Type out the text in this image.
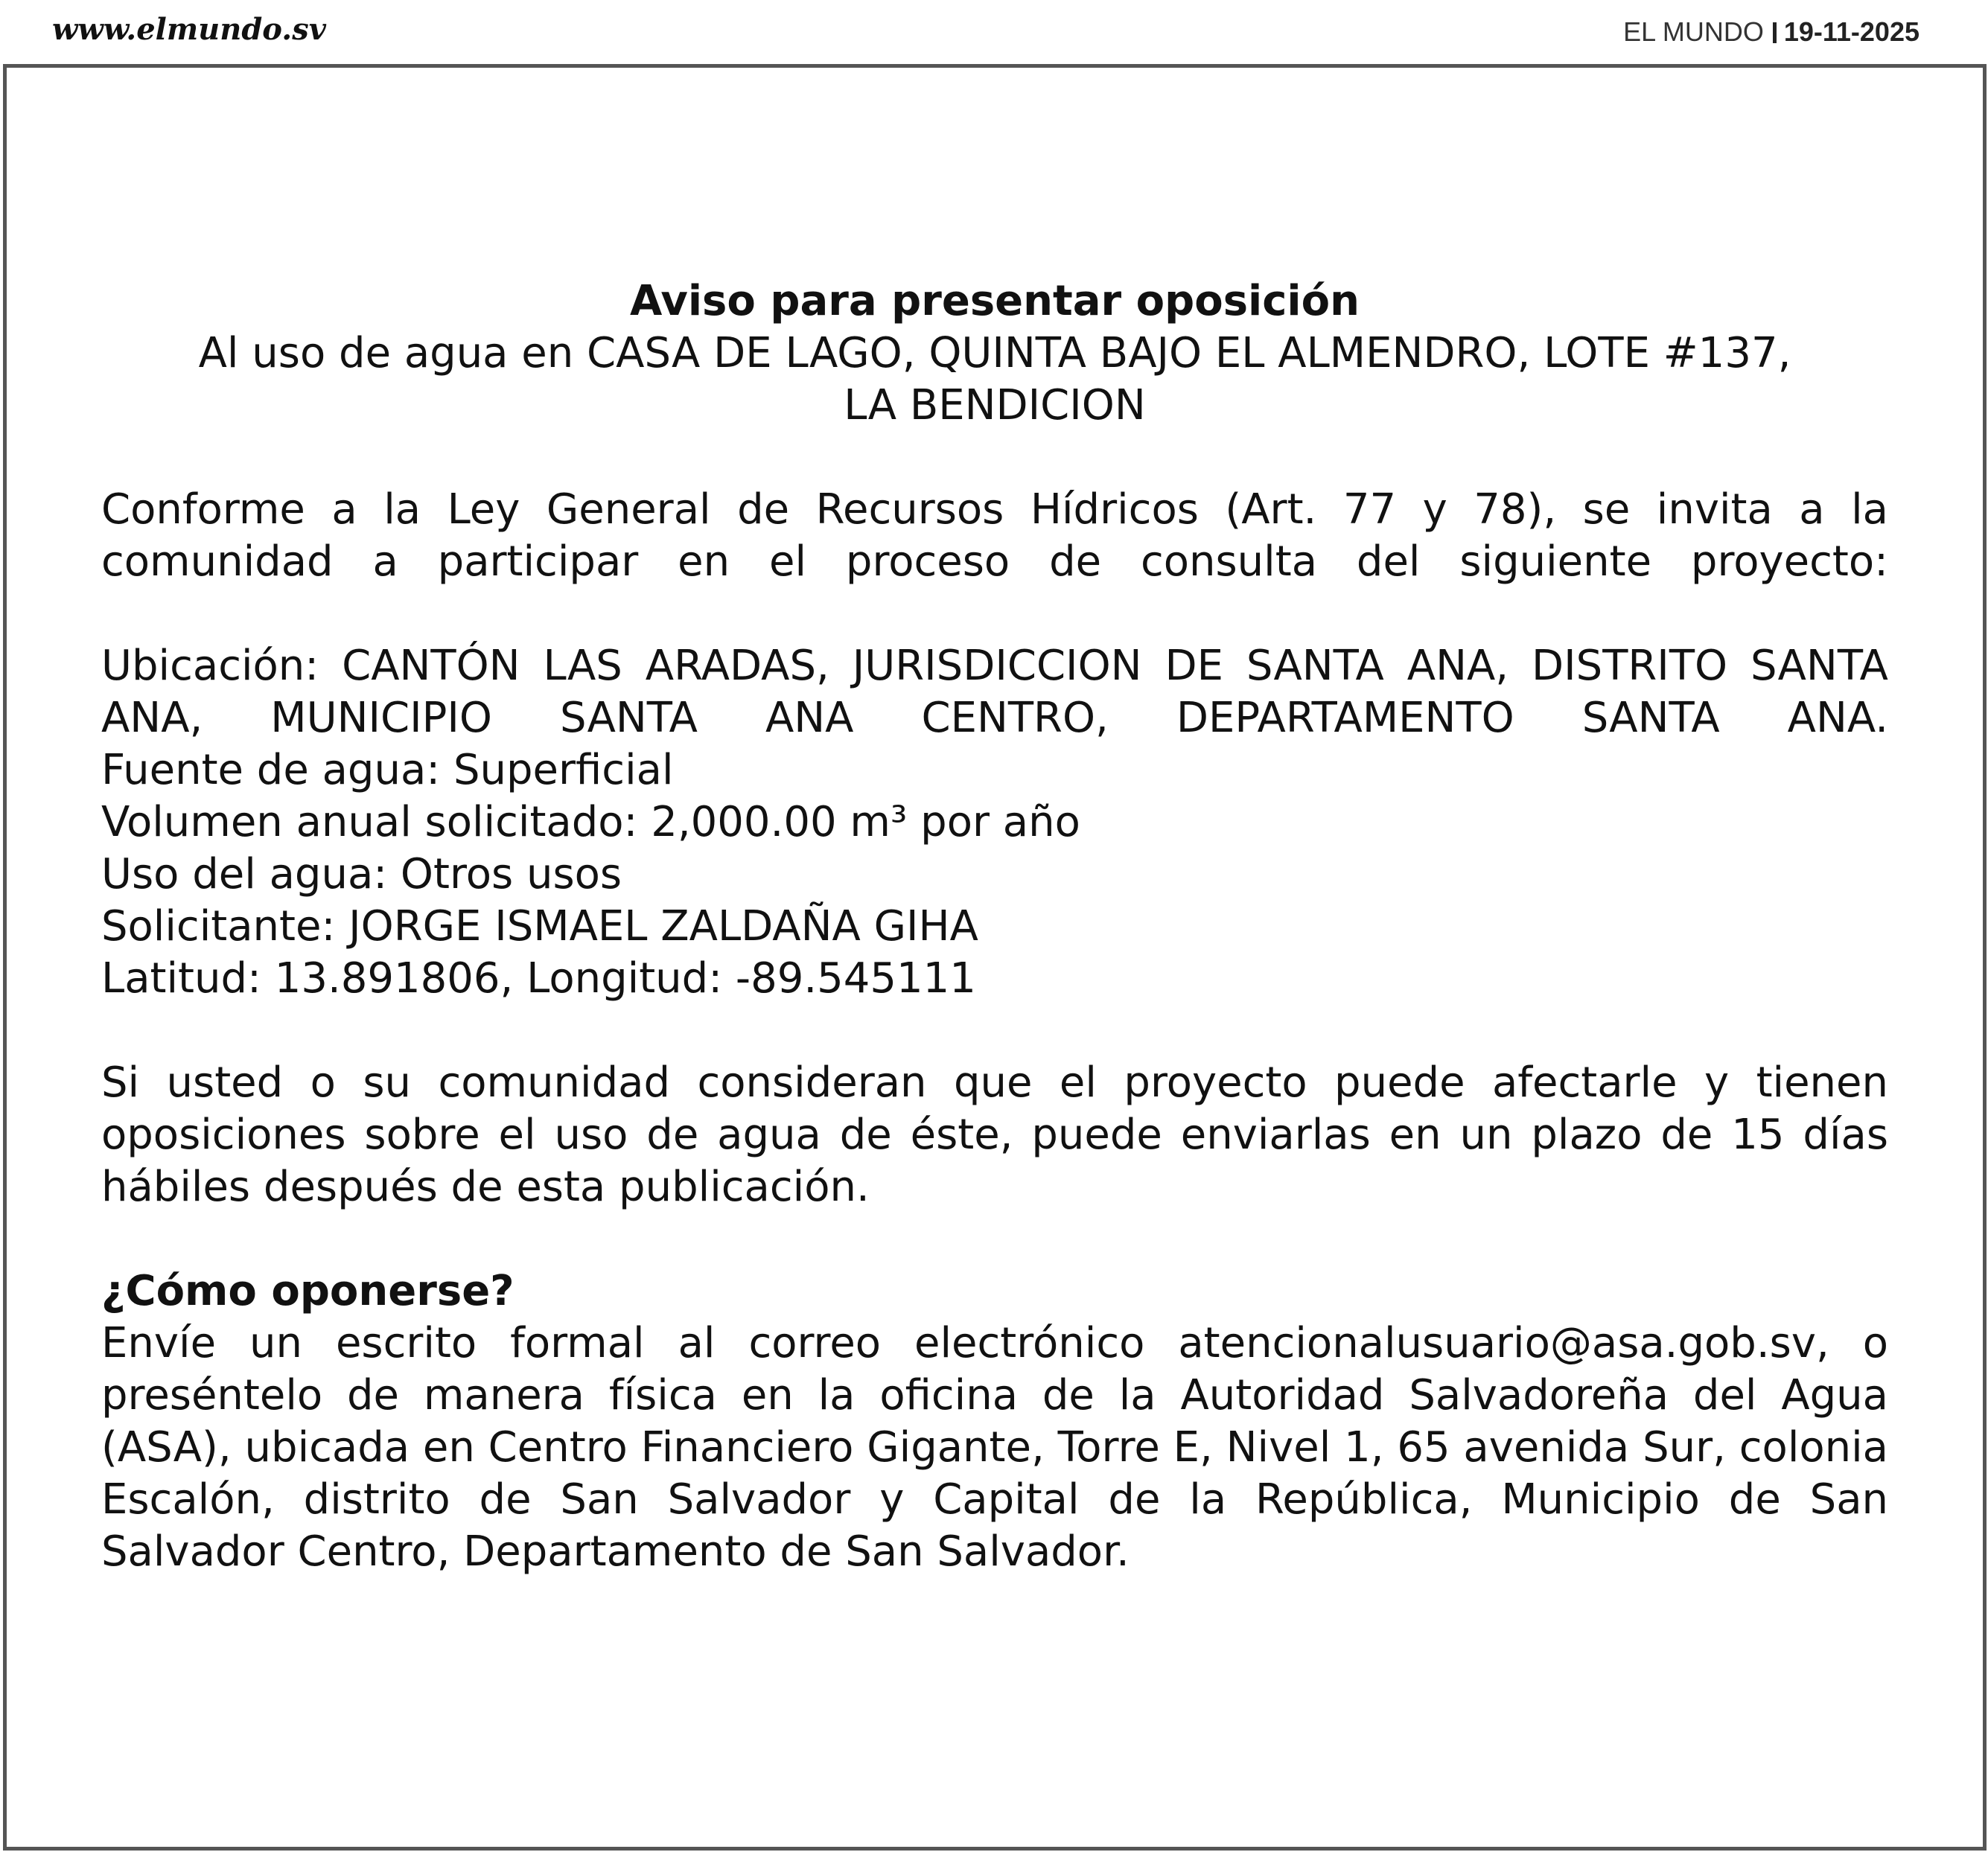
www.elmundo.sv	EL MUNDO 19-11-2025
Aviso para presentar oposición
Al uso de agua en CASA DE LAGO, QUINTA BAJO EL ALMENDRO, LOTE #137,
LA BENDICION
Conforme a la Ley General de Recursos Hídricos (Art. 77 y 78), se invita a la comunidad a participar en el proceso de consulta del siguiente proyecto:
Ubicación: CANTÓN LAS ARADAS, JURISDICCION DE SANTA ANA, DISTRITO SANTA ANA, MUNICIPIO SANTA ANA CENTRO, DEPARTAMENTO SANTA ANA.
Fuente de agua: Superficial
Volumen anual solicitado: 2,000.00 m³ por año
Uso del agua: Otros usos
Solicitante: JORGE ISMAEL ZALDAÑA GIHA
Latitud: 13.891806, Longitud: -89.545111
Si usted o su comunidad consideran que el proyecto puede afectarle y tienen oposiciones sobre el uso de agua de éste, puede enviarlas en un plazo de 15 días hábiles después de esta publicación.
¿Cómo oponerse?
Envíe un escrito formal al correo electrónico atencionalusuario@asa.gob.sv, o preséntelo de manera física en la oficina de la Autoridad Salvadoreña del Agua (ASA), ubicada en Centro Financiero Gigante, Torre E, Nivel 1, 65 avenida Sur, colonia Escalón, distrito de San Salvador y Capital de la República, Municipio de San Salvador Centro, Departamento de San Salvador.
